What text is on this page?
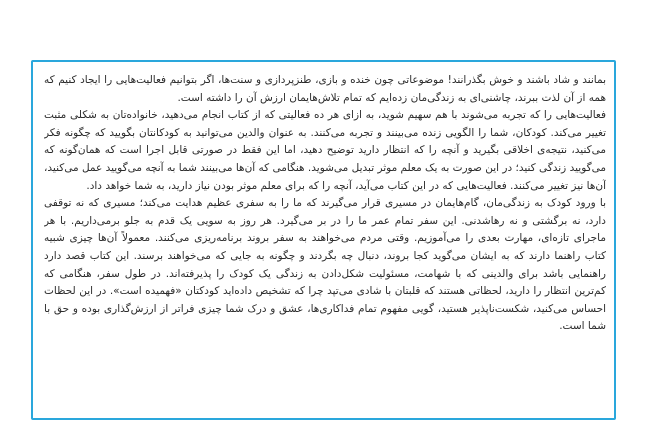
بمانند و شاد باشند و خوش بگذرانند! موضوعاتی چون خنده و بازی، طنزپردازی و سنت‌ها، اگر بتوانیم فعالیت‌هایی را ایجاد کنیم که همه از آن لذت ببرند، چاشنی‌ای به زندگی‌مان زده‌ایم که تمام تلاش‌هایمان ارزش آن را داشته است.

فعالیت‌هایی را که تجربه می‌شوند با هم سهیم شوید، به ازای هر ده فعالیتی که از کتاب انجام می‌دهید، خانواده‌تان به شکلی مثبت تغییر می‌کند. کودکان، شما را الگویی زنده می‌بینند و تجربه می‌کنند. به عنوان والدین می‌توانید به کودکانتان بگویید که چگونه فکر می‌کنید، نتیجه‌ی اخلاقی بگیرید و آنچه را که انتظار دارید توضیح دهید، اما این فقط در صورتی قابل اجرا است که همان‌گونه که می‌گویید زندگی کنید؛ در این صورت به یک معلم موثر تبدیل می‌شوید. هنگامی که آن‌ها می‌بینند شما به آنچه می‌گویید عمل می‌کنید، آن‌ها نیز تغییر می‌کنند. فعالیت‌هایی که در این کتاب می‌آید، آنچه را که برای معلم موثر بودن نیاز دارید، به شما خواهد داد.

با ورود کودک به زندگی‌مان، گام‌هایمان در مسیری قرار می‌گیرند که ما را به سفری عظیم هدایت می‌کند؛ مسیری که نه توقفی دارد، نه برگشتی و نه رهاشدنی. این سفر تمام عمر ما را در بر می‌گیرد. هر روز به سویی یک قدم به جلو برمی‌داریم. با هر ماجرای تازه‌ای، مهارت بعدی را می‌آموزیم. وقتی مردم می‌خواهند به سفر بروند برنامه‌ریزی می‌کنند. معمولاً آن‌ها چیزی شبیه کتاب راهنما دارند که به ایشان می‌گوید کجا بروند، دنبال چه بگردند و چگونه به جایی که می‌خواهند برسند. این کتاب قصد دارد راهنمایی باشد برای والدینی که با شهامت، مسئولیت شکل‌دادن به زندگی یک کودک را پذیرفته‌اند. در طول سفر، هنگامی که کم‌ترین انتظار را دارید، لحظاتی هستند که قلبتان با شادی می‌تپد چرا که تشخیص داده‌اید کودکتان «فهمیده است». در این لحظات احساس می‌کنید، شکست‌ناپذیر هستید، گویی مفهوم تمام فداکاری‌ها، عشق و درک شما چیزی فراتر از ارزش‌گذاری بوده و حق با شما است.
